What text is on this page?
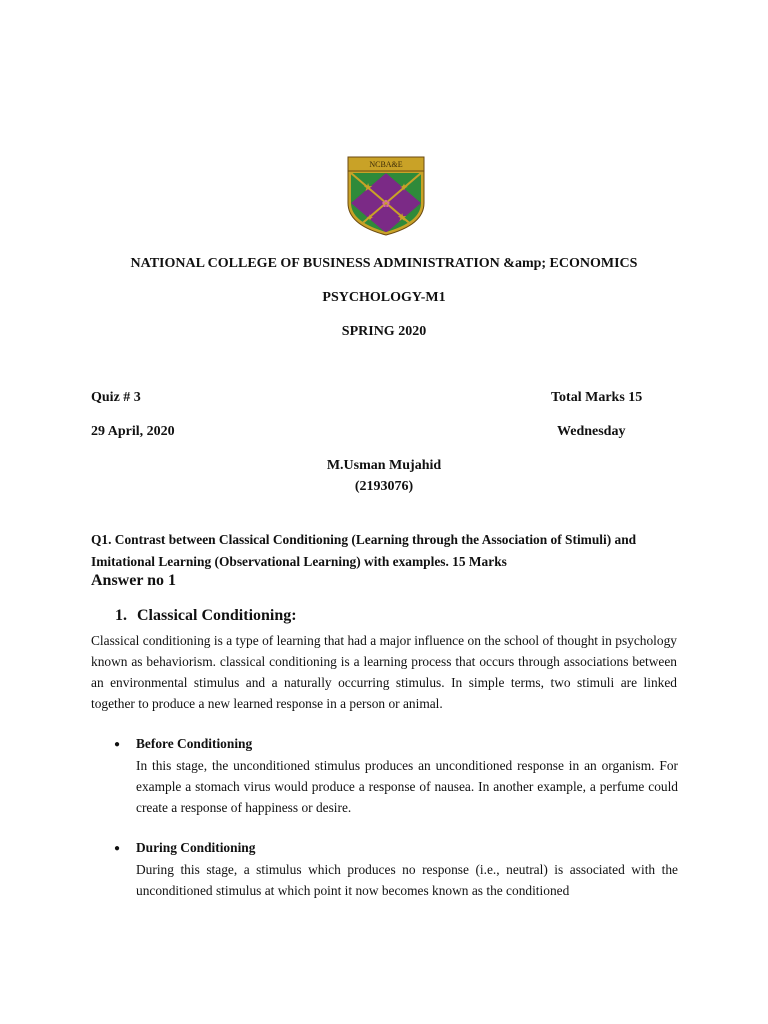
NCBA&E
★ ✦
✿
✦ ★
NATIONAL COLLEGE OF BUSINESS ADMINISTRATION &amp; ECONOMICS
PSYCHOLOGY-M1
SPRING 2020
Quiz # 3	Total Marks 15
29 April, 2020	Wednesday
M.Usman Mujahid
(2193076)
Q1. Contrast between Classical Conditioning (Learning through the Association of Stimuli) and Imitational Learning (Observational Learning) with examples. 15 Marks
Answer no 1
1. Classical Conditioning:
Classical conditioning is a type of learning that had a major influence on the school of thought in psychology known as behaviorism. classical conditioning is a learning process that occurs through associations between an environmental stimulus and a naturally occurring stimulus. In simple terms, two stimuli are linked together to produce a new learned response in a person or animal.
● Before Conditioning
In this stage, the unconditioned stimulus produces an unconditioned response in an organism. For example a stomach virus would produce a response of nausea. In another example, a perfume could create a response of happiness or desire.
● During Conditioning
During this stage, a stimulus which produces no response (i.e., neutral) is associated with the unconditioned stimulus at which point it now becomes known as the conditioned
